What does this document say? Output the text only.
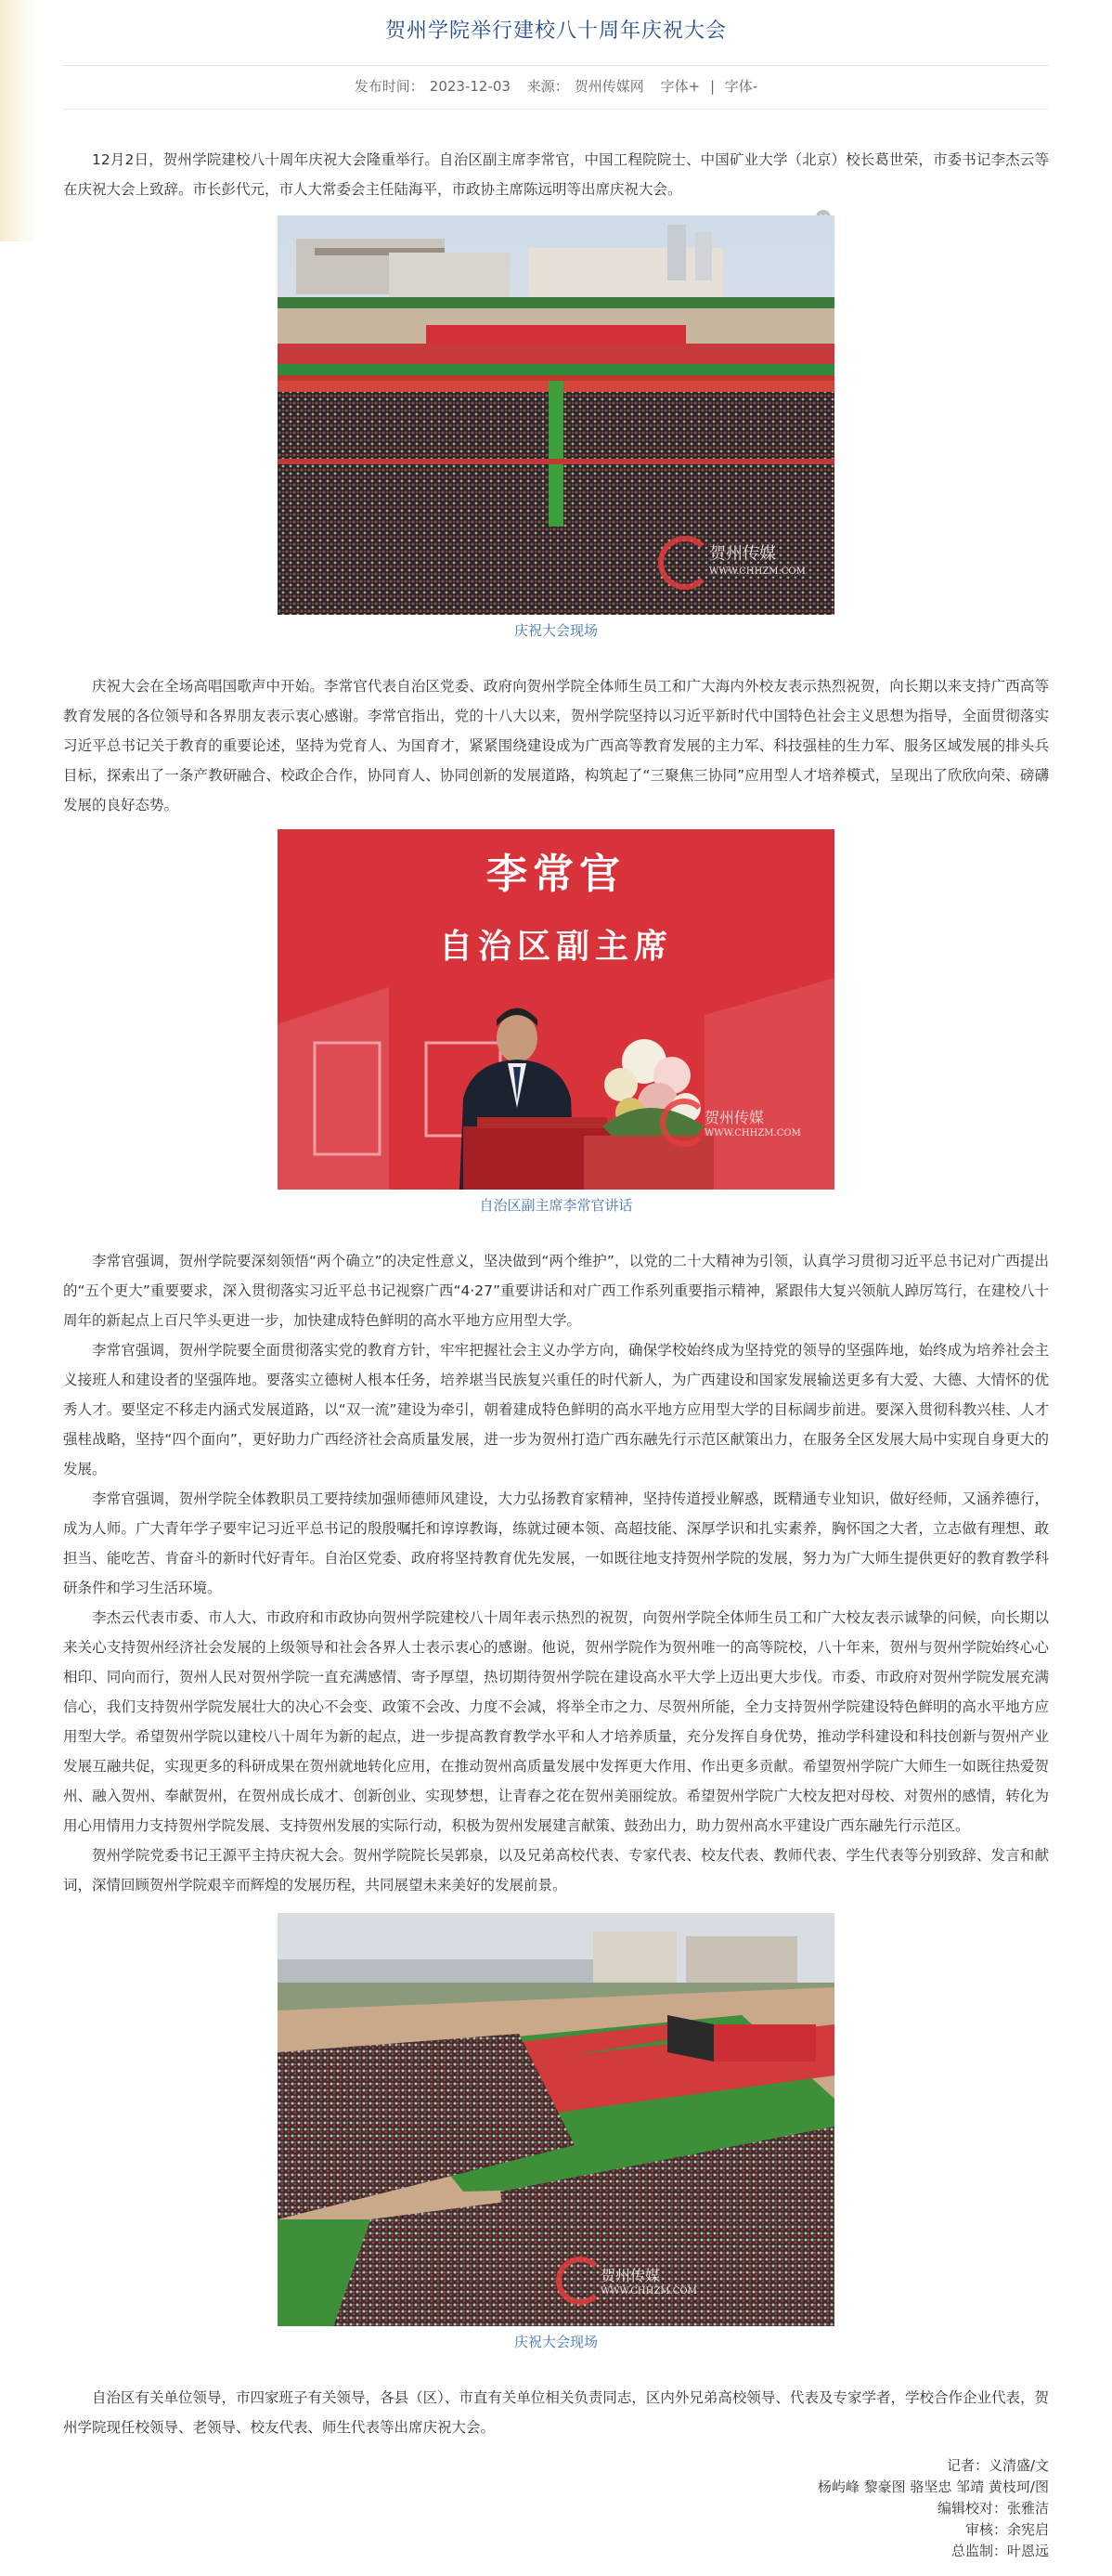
贺州学院举行建校八十周年庆祝大会
发布时间： 2023-12-03 来源： 贺州传媒网 字体+ | 字体-

12月2日，贺州学院建校八十周年庆祝大会隆重举行。自治区副主席李常官，中国工程院院士、中国矿业大学（北京）校长葛世荣，市委书记李杰云等在庆祝大会上致辞。市长彭代元，市人大常委会主任陆海平，市政协主席陈远明等出席庆祝大会。

贺州传媒
WWW.CHHZM.COM
庆祝大会现场

庆祝大会在全场高唱国歌声中开始。李常官代表自治区党委、政府向贺州学院全体师生员工和广大海内外校友表示热烈祝贺，向长期以来支持广西高等教育发展的各位领导和各界朋友表示衷心感谢。李常官指出，党的十八大以来，贺州学院坚持以习近平新时代中国特色社会主义思想为指导，全面贯彻落实习近平总书记关于教育的重要论述，坚持为党育人、为国育才，紧紧围绕建设成为广西高等教育发展的主力军、科技强桂的生力军、服务区域发展的排头兵目标，探索出了一条产教研融合、校政企合作，协同育人、协同创新的发展道路，构筑起了“三聚焦三协同”应用型人才培养模式，呈现出了欣欣向荣、磅礴发展的良好态势。

李常官
自治区副主席
贺州传媒
WWW.CHHZM.COM
自治区副主席李常官讲话

李常官强调，贺州学院要深刻领悟“两个确立”的决定性意义，坚决做到“两个维护”，以党的二十大精神为引领，认真学习贯彻习近平总书记对广西提出的“五个更大”重要要求，深入贯彻落实习近平总书记视察广西“4·27”重要讲话和对广西工作系列重要指示精神，紧跟伟大复兴领航人踔厉笃行，在建校八十周年的新起点上百尺竿头更进一步，加快建成特色鲜明的高水平地方应用型大学。

李常官强调，贺州学院要全面贯彻落实党的教育方针，牢牢把握社会主义办学方向，确保学校始终成为坚持党的领导的坚强阵地，始终成为培养社会主义接班人和建设者的坚强阵地。要落实立德树人根本任务，培养堪当民族复兴重任的时代新人，为广西建设和国家发展输送更多有大爱、大德、大情怀的优秀人才。要坚定不移走内涵式发展道路，以“双一流”建设为牵引，朝着建成特色鲜明的高水平地方应用型大学的目标阔步前进。要深入贯彻科教兴桂、人才强桂战略，坚持“四个面向”，更好助力广西经济社会高质量发展，进一步为贺州打造广西东融先行示范区献策出力，在服务全区发展大局中实现自身更大的发展。

李常官强调，贺州学院全体教职员工要持续加强师德师风建设，大力弘扬教育家精神，坚持传道授业解惑，既精通专业知识，做好经师，又涵养德行，成为人师。广大青年学子要牢记习近平总书记的殷殷嘱托和谆谆教诲，练就过硬本领、高超技能、深厚学识和扎实素养，胸怀国之大者，立志做有理想、敢担当、能吃苦、肯奋斗的新时代好青年。自治区党委、政府将坚持教育优先发展，一如既往地支持贺州学院的发展，努力为广大师生提供更好的教育教学科研条件和学习生活环境。

李杰云代表市委、市人大、市政府和市政协向贺州学院建校八十周年表示热烈的祝贺，向贺州学院全体师生员工和广大校友表示诚挚的问候，向长期以来关心支持贺州经济社会发展的上级领导和社会各界人士表示衷心的感谢。他说，贺州学院作为贺州唯一的高等院校，八十年来，贺州与贺州学院始终心心相印、同向而行，贺州人民对贺州学院一直充满感情、寄予厚望，热切期待贺州学院在建设高水平大学上迈出更大步伐。市委、市政府对贺州学院发展充满信心，我们支持贺州学院发展壮大的决心不会变、政策不会改、力度不会减，将举全市之力、尽贺州所能，全力支持贺州学院建设特色鲜明的高水平地方应用型大学。希望贺州学院以建校八十周年为新的起点，进一步提高教育教学水平和人才培养质量，充分发挥自身优势，推动学科建设和科技创新与贺州产业发展互融共促，实现更多的科研成果在贺州就地转化应用，在推动贺州高质量发展中发挥更大作用、作出更多贡献。希望贺州学院广大师生一如既往热爱贺州、融入贺州、奉献贺州，在贺州成长成才、创新创业、实现梦想，让青春之花在贺州美丽绽放。希望贺州学院广大校友把对母校、对贺州的感情，转化为用心用情用力支持贺州学院发展、支持贺州发展的实际行动，积极为贺州发展建言献策、鼓劲出力，助力贺州高水平建设广西东融先行示范区。

贺州学院党委书记王源平主持庆祝大会。贺州学院院长吴郭泉，以及兄弟高校代表、专家代表、校友代表、教师代表、学生代表等分别致辞、发言和献词，深情回顾贺州学院艰辛而辉煌的发展历程，共同展望未来美好的发展前景。

贺州传媒
WWW.CHHZM.COM
庆祝大会现场

自治区有关单位领导，市四家班子有关领导，各县（区）、市直有关单位相关负责同志，区内外兄弟高校领导、代表及专家学者，学校合作企业代表，贺州学院现任校领导、老领导、校友代表、师生代表等出席庆祝大会。

记者：义清盛/文
杨屿峰 黎豪图 骆坚忠 邹靖 黄枝珂/图
编辑校对：张雅洁
审核：余宪启
总监制：叶恩远
